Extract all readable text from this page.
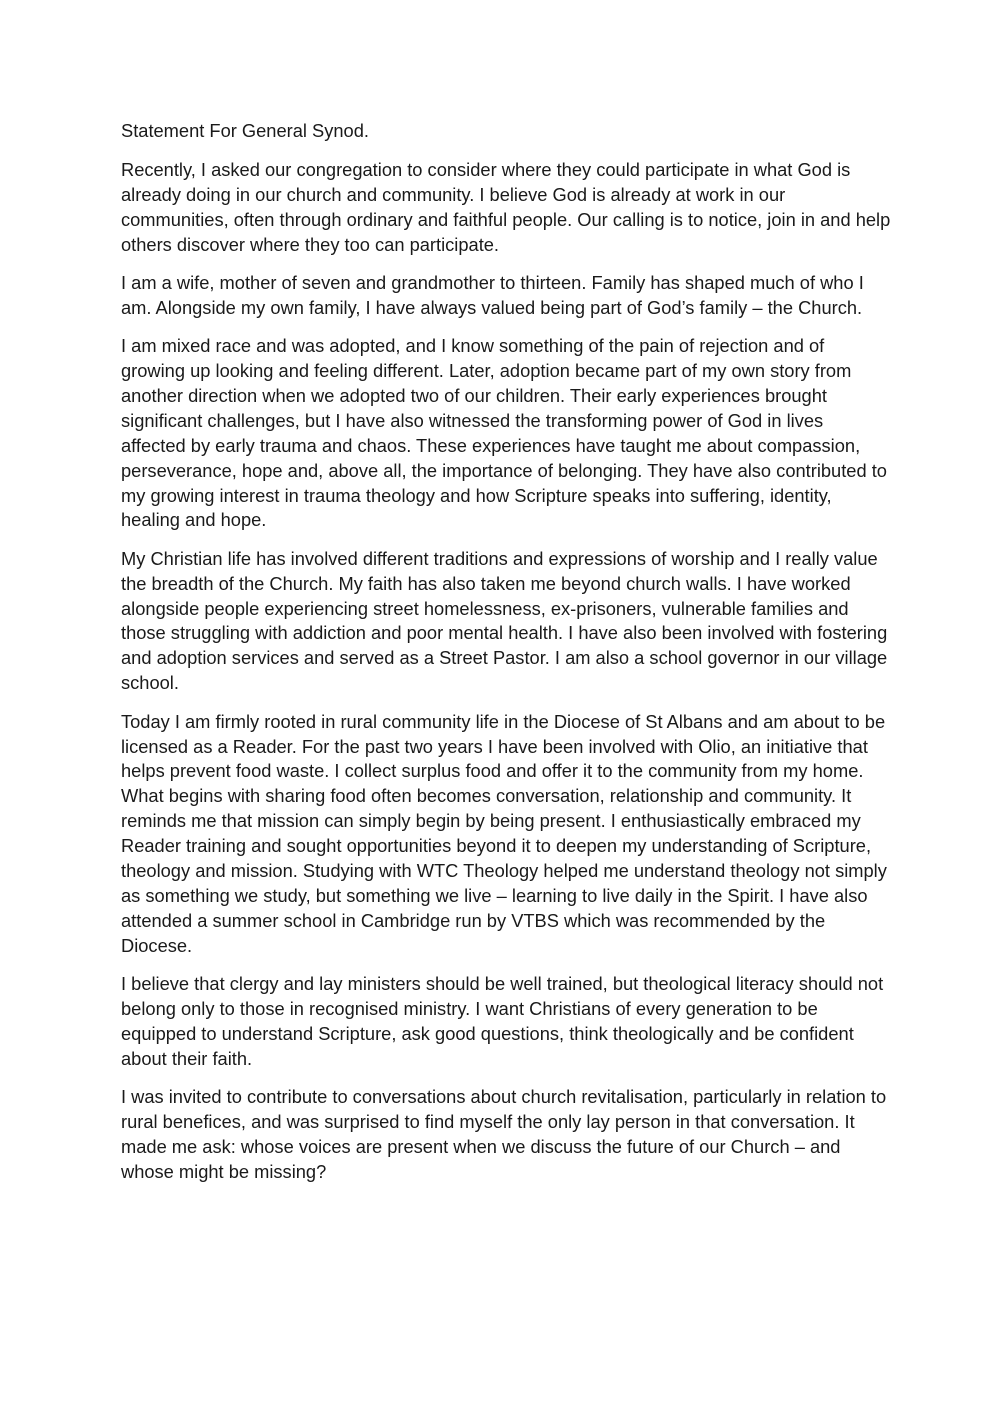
Statement For General Synod.

Recently, I asked our congregation to consider where they could participate in what God is already doing in our church and community. I believe God is already at work in our communities, often through ordinary and faithful people. Our calling is to notice, join in and help others discover where they too can participate.

I am a wife, mother of seven and grandmother to thirteen. Family has shaped much of who I am. Alongside my own family, I have always valued being part of God’s family – the Church.

I am mixed race and was adopted, and I know something of the pain of rejection and of growing up looking and feeling different. Later, adoption became part of my own story from another direction when we adopted two of our children. Their early experiences brought significant challenges, but I have also witnessed the transforming power of God in lives affected by early trauma and chaos. These experiences have taught me about compassion, perseverance, hope and, above all, the importance of belonging. They have also contributed to my growing interest in trauma theology and how Scripture speaks into suffering, identity, healing and hope.

My Christian life has involved different traditions and expressions of worship and I really value the breadth of the Church. My faith has also taken me beyond church walls. I have worked alongside people experiencing street homelessness, ex-prisoners, vulnerable families and those struggling with addiction and poor mental health. I have also been involved with fostering and adoption services and served as a Street Pastor. I am also a school governor in our village school.

Today I am firmly rooted in rural community life in the Diocese of St Albans and am about to be licensed as a Reader. For the past two years I have been involved with Olio, an initiative that helps prevent food waste. I collect surplus food and offer it to the community from my home. What begins with sharing food often becomes conversation, relationship and community. It reminds me that mission can simply begin by being present. I enthusiastically embraced my Reader training and sought opportunities beyond it to deepen my understanding of Scripture, theology and mission. Studying with WTC Theology helped me understand theology not simply as something we study, but something we live – learning to live daily in the Spirit. I have also attended a summer school in Cambridge run by VTBS which was recommended by the Diocese.

I believe that clergy and lay ministers should be well trained, but theological literacy should not belong only to those in recognised ministry. I want Christians of every generation to be equipped to understand Scripture, ask good questions, think theologically and be confident about their faith.

I was invited to contribute to conversations about church revitalisation, particularly in relation to rural benefices, and was surprised to find myself the only lay person in that conversation. It made me ask: whose voices are present when we discuss the future of our Church – and whose might be missing?
